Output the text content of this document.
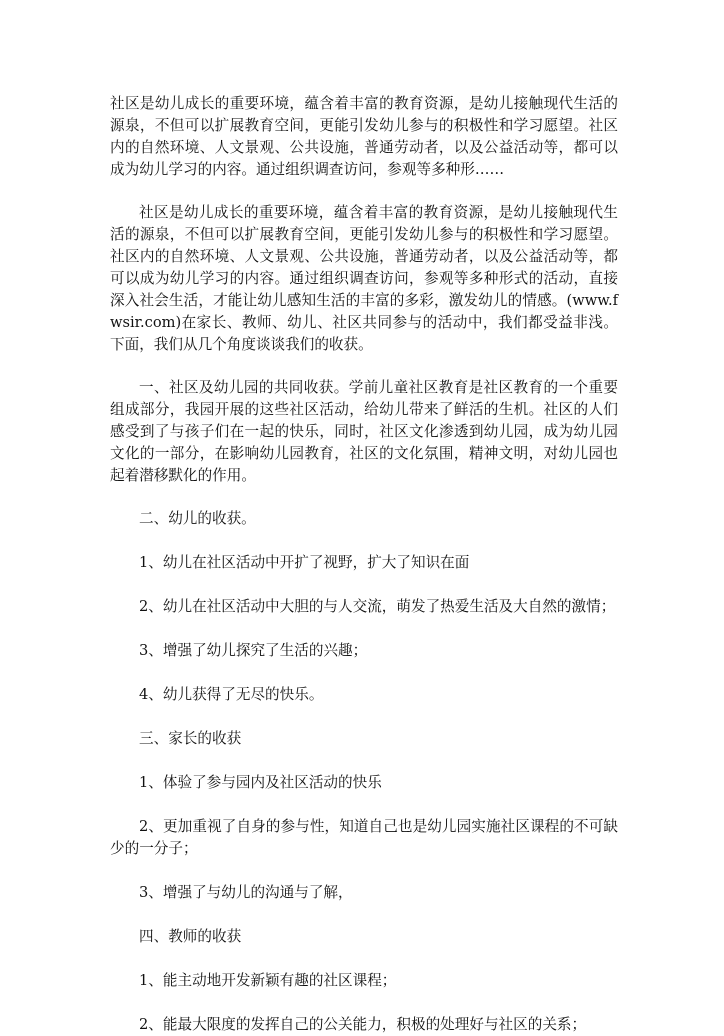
社区是幼儿成长的重要环境，蕴含着丰富的教育资源，是幼儿接触现代生活的源泉，不但可以扩展教育空间，更能引发幼儿参与的积极性和学习愿望。社区内的自然环境、人文景观、公共设施，普通劳动者，以及公益活动等，都可以成为幼儿学习的内容。通过组织调查访问，参观等多种形……

社区是幼儿成长的重要环境，蕴含着丰富的教育资源，是幼儿接触现代生活的源泉，不但可以扩展教育空间，更能引发幼儿参与的积极性和学习愿望。社区内的自然环境、人文景观、公共设施，普通劳动者，以及公益活动等，都可以成为幼儿学习的内容。通过组织调查访问，参观等多种形式的活动，直接深入社会生活，才能让幼儿感知生活的丰富的多彩，激发幼儿的情感。(www.fwsir.com)在家长、教师、幼儿、社区共同参与的活动中，我们都受益非浅。下面，我们从几个角度谈谈我们的收获。

一、社区及幼儿园的共同收获。学前儿童社区教育是社区教育的一个重要组成部分，我园开展的这些社区活动，给幼儿带来了鲜活的生机。社区的人们感受到了与孩子们在一起的快乐，同时，社区文化渗透到幼儿园，成为幼儿园文化的一部分，在影响幼儿园教育，社区的文化氛围，精神文明，对幼儿园也起着潜移默化的作用。

二、幼儿的收获。

1、幼儿在社区活动中开扩了视野，扩大了知识在面

2、幼儿在社区活动中大胆的与人交流，萌发了热爱生活及大自然的激情；

3、增强了幼儿探究了生活的兴趣；

4、幼儿获得了无尽的快乐。

三、家长的收获

1、体验了参与园内及社区活动的快乐

2、更加重视了自身的参与性，知道自己也是幼儿园实施社区课程的不可缺少的一分子；

3、增强了与幼儿的沟通与了解，

四、教师的收获

1、能主动地开发新颖有趣的社区课程；

2、能最大限度的发挥自己的公关能力，积极的处理好与社区的关系；
